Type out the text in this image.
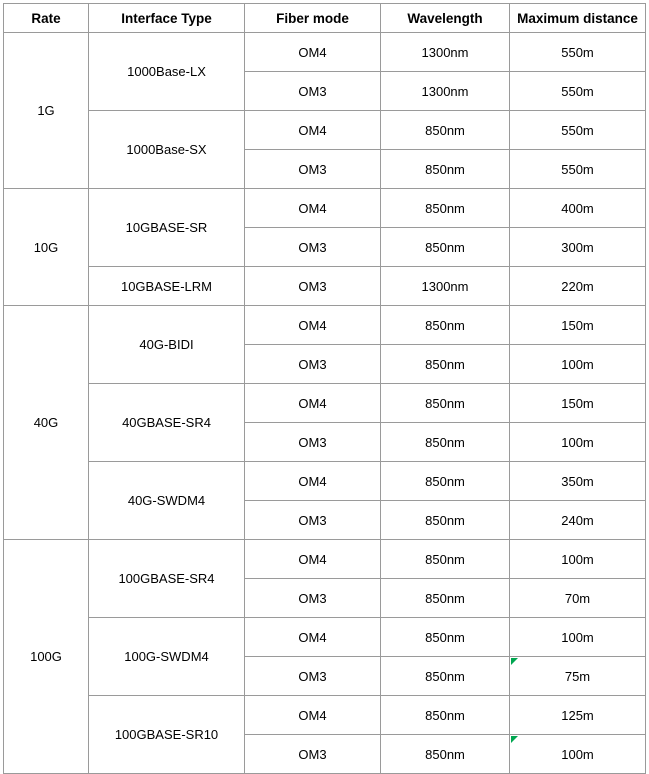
Rate	Interface Type	Fiber mode	Wavelength	Maximum distance
1G	1000Base-LX	OM4	1300nm	550m
		OM3	1300nm	550m
	1000Base-SX	OM4	850nm	550m
		OM3	850nm	550m
10G	10GBASE-SR	OM4	850nm	400m
		OM3	850nm	300m
	10GBASE-LRM	OM3	1300nm	220m
40G	40G-BIDI	OM4	850nm	150m
		OM3	850nm	100m
	40GBASE-SR4	OM4	850nm	150m
		OM3	850nm	100m
	40G-SWDM4	OM4	850nm	350m
		OM3	850nm	240m
100G	100GBASE-SR4	OM4	850nm	100m
		OM3	850nm	70m
	100G-SWDM4	OM4	850nm	100m
		OM3	850nm	75m
	100GBASE-SR10	OM4	850nm	125m
		OM3	850nm	100m
